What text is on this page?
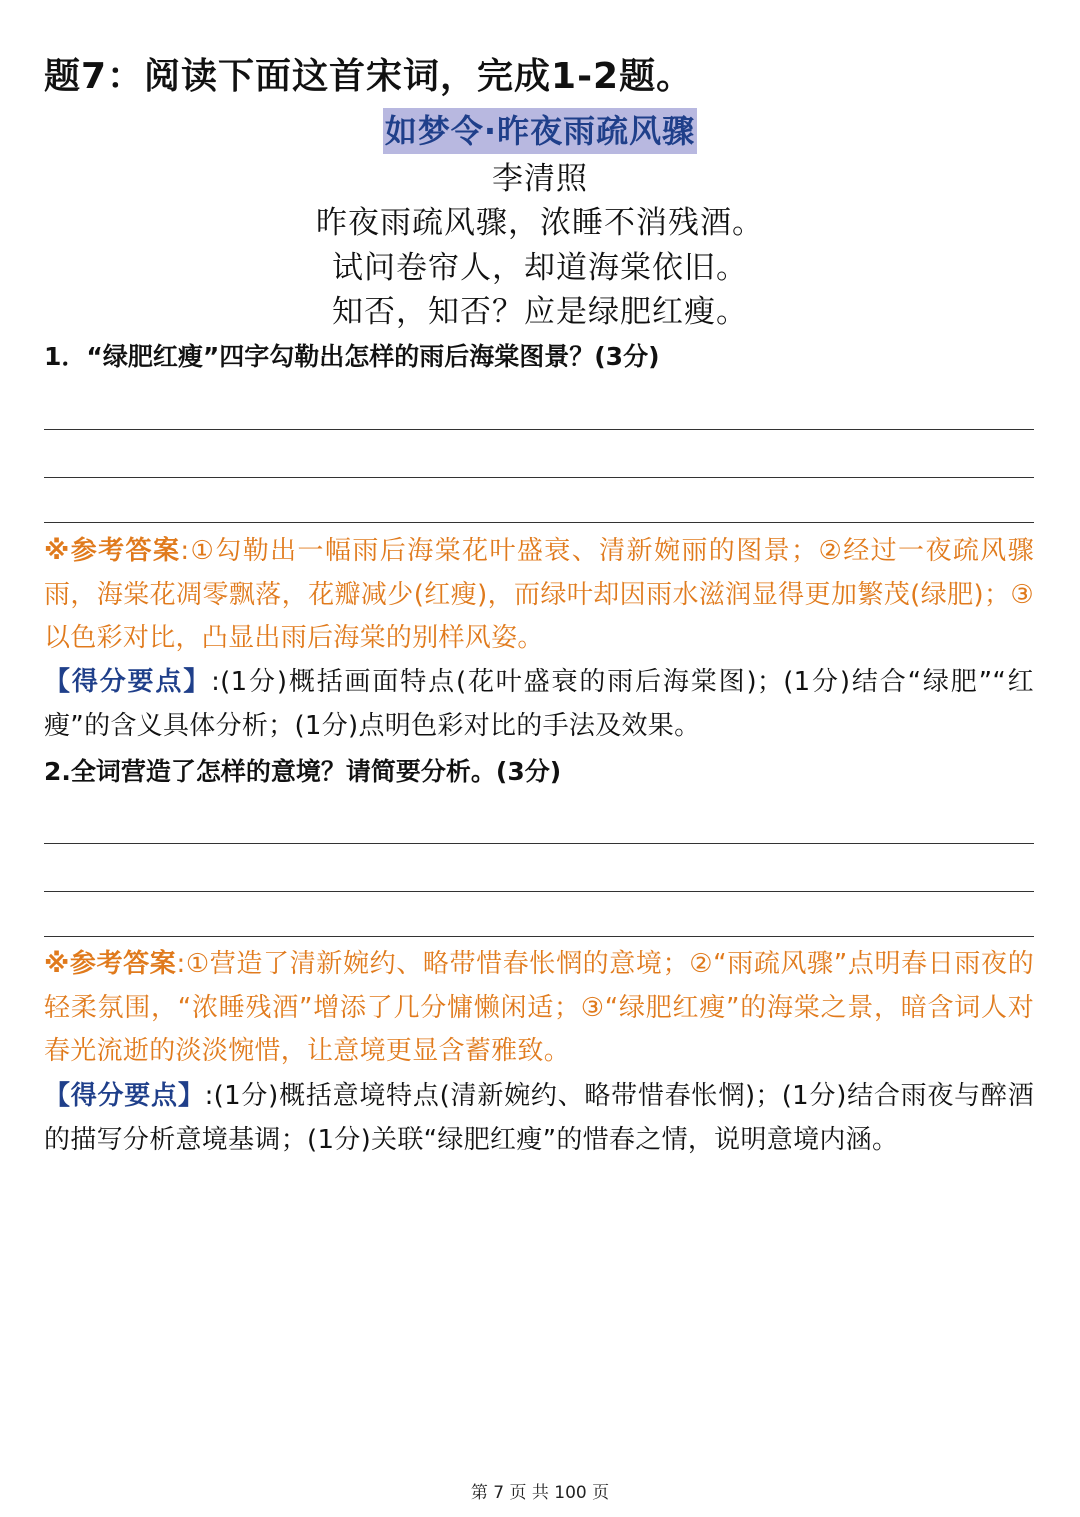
题7：阅读下面这首宋词，完成1-2题。
如梦令·昨夜雨疏风骤
李清照
昨夜雨疏风骤，浓睡不消残酒。
试问卷帘人，却道海棠依旧。
知否，知否？应是绿肥红瘦。
1．“绿肥红瘦”四字勾勒出怎样的雨后海棠图景？(3分)
※参考答案:①勾勒出一幅雨后海棠花叶盛衰、清新婉丽的图景；②经过一夜疏风骤雨，海棠花凋零飘落，花瓣减少(红瘦)，而绿叶却因雨水滋润显得更加繁茂(绿肥)；③以色彩对比，凸显出雨后海棠的别样风姿。
【得分要点】:(1分)概括画面特点(花叶盛衰的雨后海棠图)；(1分)结合“绿肥”“红瘦”的含义具体分析；(1分)点明色彩对比的手法及效果。
2.全词营造了怎样的意境？请简要分析。(3分)
※参考答案:①营造了清新婉约、略带惜春怅惘的意境；②“雨疏风骤”点明春日雨夜的轻柔氛围，“浓睡残酒”增添了几分慵懒闲适；③“绿肥红瘦”的海棠之景，暗含词人对春光流逝的淡淡惋惜，让意境更显含蓄雅致。
【得分要点】:(1分)概括意境特点(清新婉约、略带惜春怅惘)；(1分)结合雨夜与醉酒的描写分析意境基调；(1分)关联“绿肥红瘦”的惜春之情，说明意境内涵。
第 7 页 共 100 页
